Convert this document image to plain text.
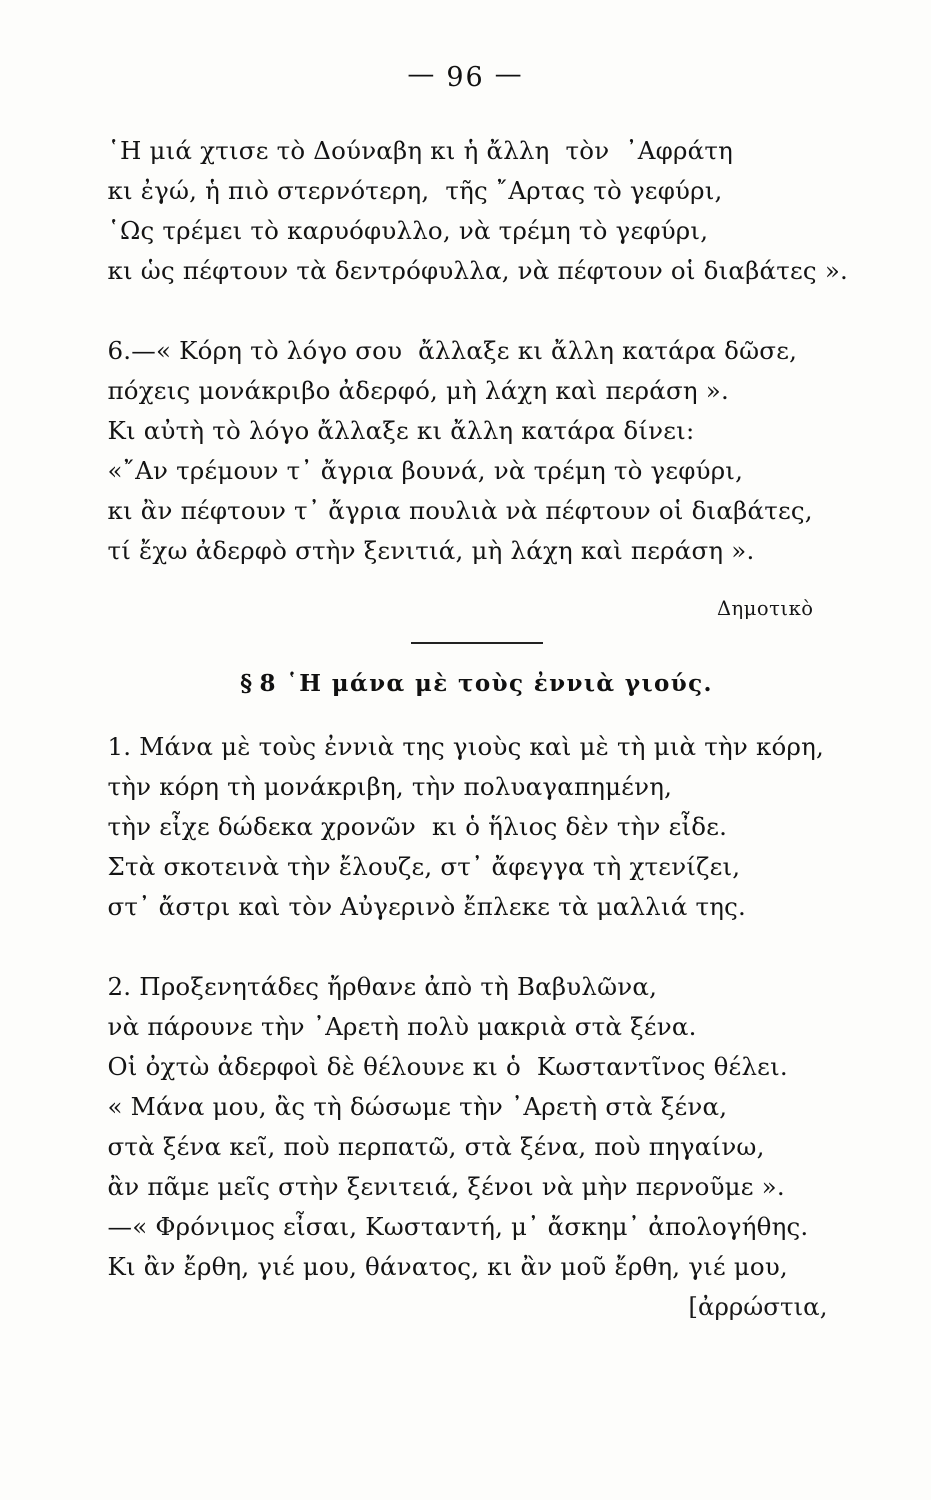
— 96 —
῾Η μιά χτισε τὸ Δούναβη κι ἡ ἄλλη  τὸν  ᾿Αφράτη
κι ἐγώ, ἡ πιὸ στερνότερη,  τῆς ῎Αρτας τὸ γεφύρι,
῾Ως τρέμει τὸ καρυόφυλλο, νὰ τρέμη τὸ γεφύρι,
κι ὡς πέφτουν τὰ δεντρόφυλλα, νὰ πέφτουν οἱ διαβάτες ».
6.—« Κόρη τὸ λόγο σου  ἄλλαξε κι ἄλλη κατάρα δῶσε,
πόχεις μονάκριβο ἀδερφό, μὴ λάχη καὶ περάση ».
Κι αὐτὴ τὸ λόγο ἄλλαξε κι ἄλλη κατάρα δίνει:
«῎Αν τρέμουν τ᾽ ἄγρια βουνά, νὰ τρέμη τὸ γεφύρι,
κι ἂν πέφτουν τ᾽ ἄγρια πουλιὰ νὰ πέφτουν οἱ διαβάτες,
τί ἔχω ἀδερφὸ στὴν ξενιτιά, μὴ λάχη καὶ περάση ».
Δημοτικὸ
§ 8 ῾Η μάνα μὲ τοὺς ἐννιὰ γιούς.
1. Μάνα μὲ τοὺς ἐννιὰ της γιοὺς καὶ μὲ τὴ μιὰ τὴν κόρη,
τὴν κόρη τὴ μονάκριβη, τὴν πολυαγαπημένη,
τὴν εἶχε δώδεκα χρονῶν  κι ὁ ἥλιος δὲν τὴν εἶδε.
Στὰ σκοτεινὰ τὴν ἔλουζε, στ᾽ ἄφεγγα τὴ χτενίζει,
στ᾽ ἄστρι καὶ τὸν Αὐγερινὸ ἔπλεκε τὰ μαλλιά της.
2. Προξενητάδες ἤρθανε ἀπὸ τὴ Βαβυλῶνα,
νὰ πάρουνε τὴν ᾿Αρετὴ πολὺ μακριὰ στὰ ξένα.
Οἱ ὀχτὼ ἀδερφοὶ δὲ θέλουνε κι ὁ  Κωσταντῖνος θέλει.
« Μάνα μου, ἂς τὴ δώσωμε τὴν ᾿Αρετὴ στὰ ξένα,
στὰ ξένα κεῖ, ποὺ περπατῶ, στὰ ξένα, ποὺ πηγαίνω,
ἂν πᾶμε μεῖς στὴν ξενιτειά, ξένοι νὰ μὴν περνοῦμε ».
—« Φρόνιμος εἶσαι, Κωσταντή, μ᾽ ἄσκημ᾽ ἀπολογήθης.
Κι ἂν ἔρθη, γιέ μου, θάνατος, κι ἂν μοῦ ἔρθη, γιέ μου,
[ἀρρώστια,
